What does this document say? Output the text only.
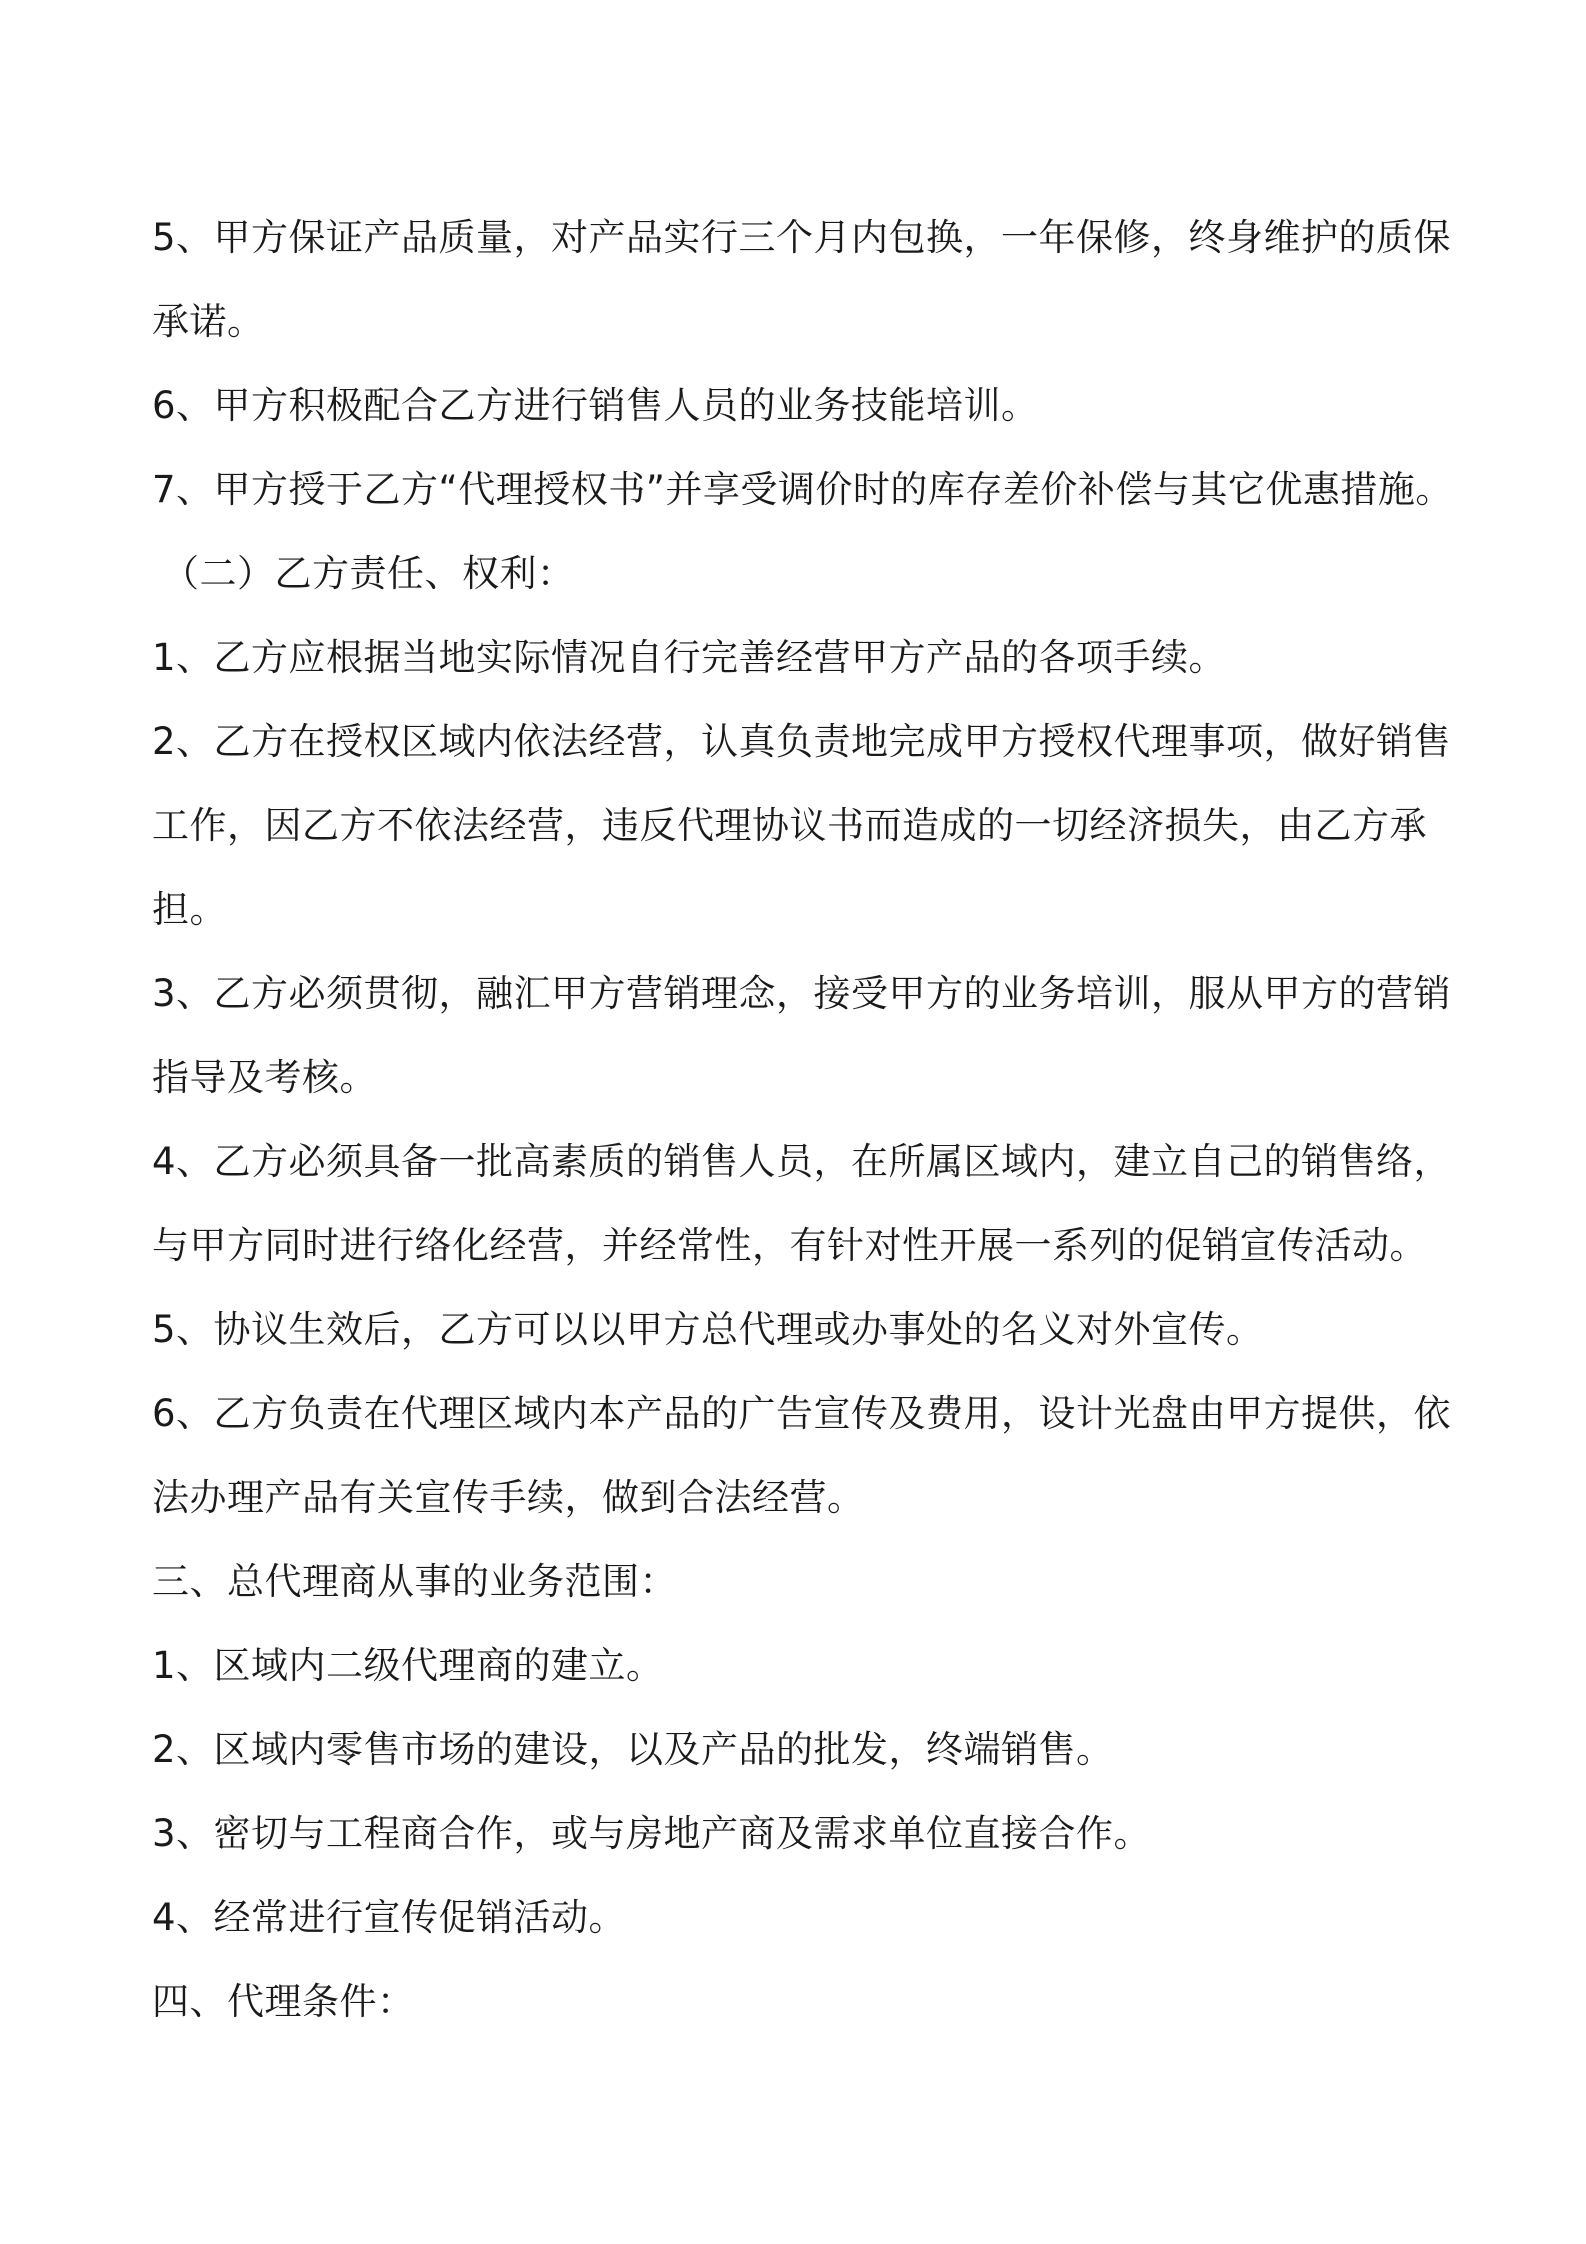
5、甲方保证产品质量，对产品实行三个月内包换，一年保修，终身维护的质保
承诺。
6、甲方积极配合乙方进行销售人员的业务技能培训。
7、甲方授于乙方“代理授权书”并享受调价时的库存差价补偿与其它优惠措施。
（二）乙方责任、权利：
1、乙方应根据当地实际情况自行完善经营甲方产品的各项手续。
2、乙方在授权区域内依法经营，认真负责地完成甲方授权代理事项，做好销售
工作，因乙方不依法经营，违反代理协议书而造成的一切经济损失，由乙方承
担。
3、乙方必须贯彻，融汇甲方营销理念，接受甲方的业务培训，服从甲方的营销
指导及考核。
4、乙方必须具备一批高素质的销售人员，在所属区域内，建立自己的销售络，
与甲方同时进行络化经营，并经常性，有针对性开展一系列的促销宣传活动。
5、协议生效后，乙方可以以甲方总代理或办事处的名义对外宣传。
6、乙方负责在代理区域内本产品的广告宣传及费用，设计光盘由甲方提供，依
法办理产品有关宣传手续，做到合法经营。
三、总代理商从事的业务范围：
1、区域内二级代理商的建立。
2、区域内零售市场的建设，以及产品的批发，终端销售。
3、密切与工程商合作，或与房地产商及需求单位直接合作。
4、经常进行宣传促销活动。
四、代理条件：
